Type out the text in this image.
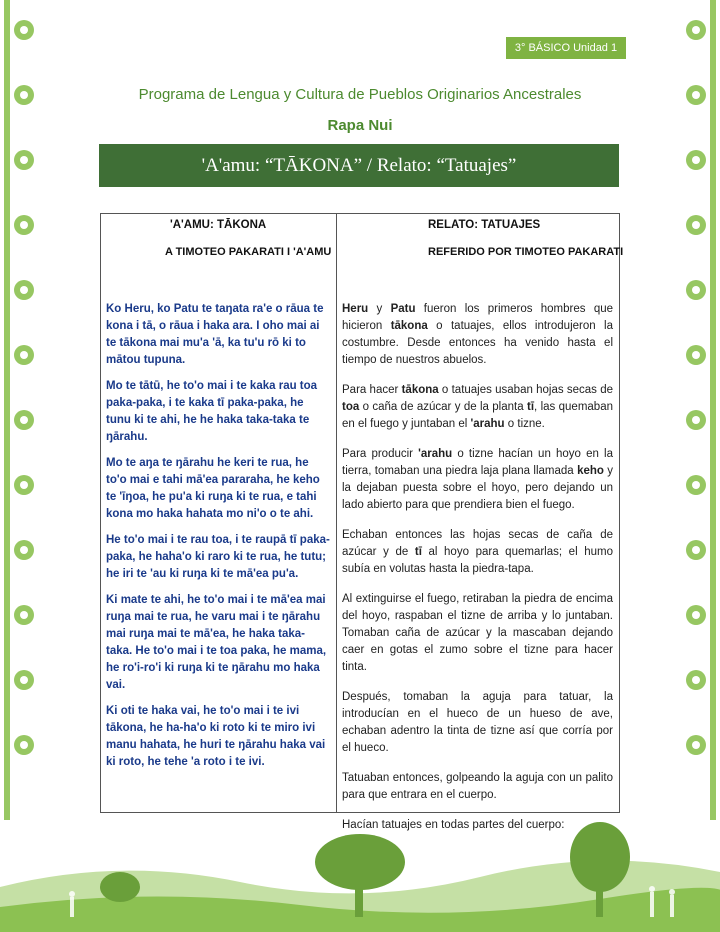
3° BÁSICO Unidad 1
Programa de Lengua y Cultura de Pueblos Originarios Ancestrales
Rapa Nui
'A'amu: “TĀKONA” / Relato: “Tatuajes”
'A'AMU: TĀKONA
A TIMOTEO PAKARATI I 'A'AMU
RELATO: TATUAJES
REFERIDO POR TIMOTEO PAKARATI

Ko Heru, ko Patu te taŋata ra'e o rāua te kona i tā, o rāua i haka ara. I oho mai ai te tākona mai mu'a 'ā, ka tu'u rō ki to mātou tupuna.

Mo te tātū, he to'o mai i te kaka rau toa paka-paka, i te kaka tī paka-paka, he tunu ki te ahi, he he haka taka-taka te ŋārahu.

Mo te aŋa te ŋārahu he keri te rua, he to'o mai e tahi mā'ea pararaha, he keho te 'īŋoa, he pu'a ki ruŋa ki te rua, e tahi kona mo haka hahata mo ni'o o te ahi.

He to'o mai i te rau toa, i te raupā tī paka-paka, he haha'o ki raro ki te rua, he tutu; he iri te 'au ki ruŋa ki te mā'ea pu'a.

Ki mate te ahi, he to'o mai i te mā'ea mai ruŋa mai te rua, he varu mai i te ŋārahu mai ruŋa mai te mā'ea, he haka taka-taka. He to'o mai i te toa paka, he mama, he ro'i-ro'i ki ruŋa ki te ŋārahu mo haka vai.

Ki oti te haka vai, he to'o mai i te ivi tākona, he ha-ha'o ki roto ki te miro ivi manu hahata, he huri te ŋārahu haka vai ki roto, he tehe 'a roto i te ivi.

Heru y Patu fueron los primeros hombres que hicieron tākona o tatuajes, ellos introdujeron la costumbre. Desde entonces ha venido hasta el tiempo de nuestros abuelos.

Para hacer tākona o tatuajes usaban hojas secas de toa o caña de azúcar y de la planta tī, las quemaban en el fuego y juntaban el 'arahu o tizne.

Para producir 'arahu o tizne hacían un hoyo en la tierra, tomaban una piedra laja plana llamada keho y la dejaban puesta sobre el hoyo, pero dejando un lado abierto para que prendiera bien el fuego.

Echaban entonces las hojas secas de caña de azúcar y de tī al hoyo para quemarlas; el humo subía en volutas hasta la piedra-tapa.

Al extinguirse el fuego, retiraban la piedra de encima del hoyo, raspaban el tizne de arriba y lo juntaban. Tomaban caña de azúcar y la mascaban dejando caer en gotas el zumo sobre el tizne para hacer tinta.

Después, tomaban la aguja para tatuar, la introducían en el hueco de un hueso de ave, echaban adentro la tinta de tizne así que corría por el hueco.

Tatuaban entonces, golpeando la aguja con un palito para que entrara en el cuerpo.

Hacían tatuajes en todas partes del cuerpo:
